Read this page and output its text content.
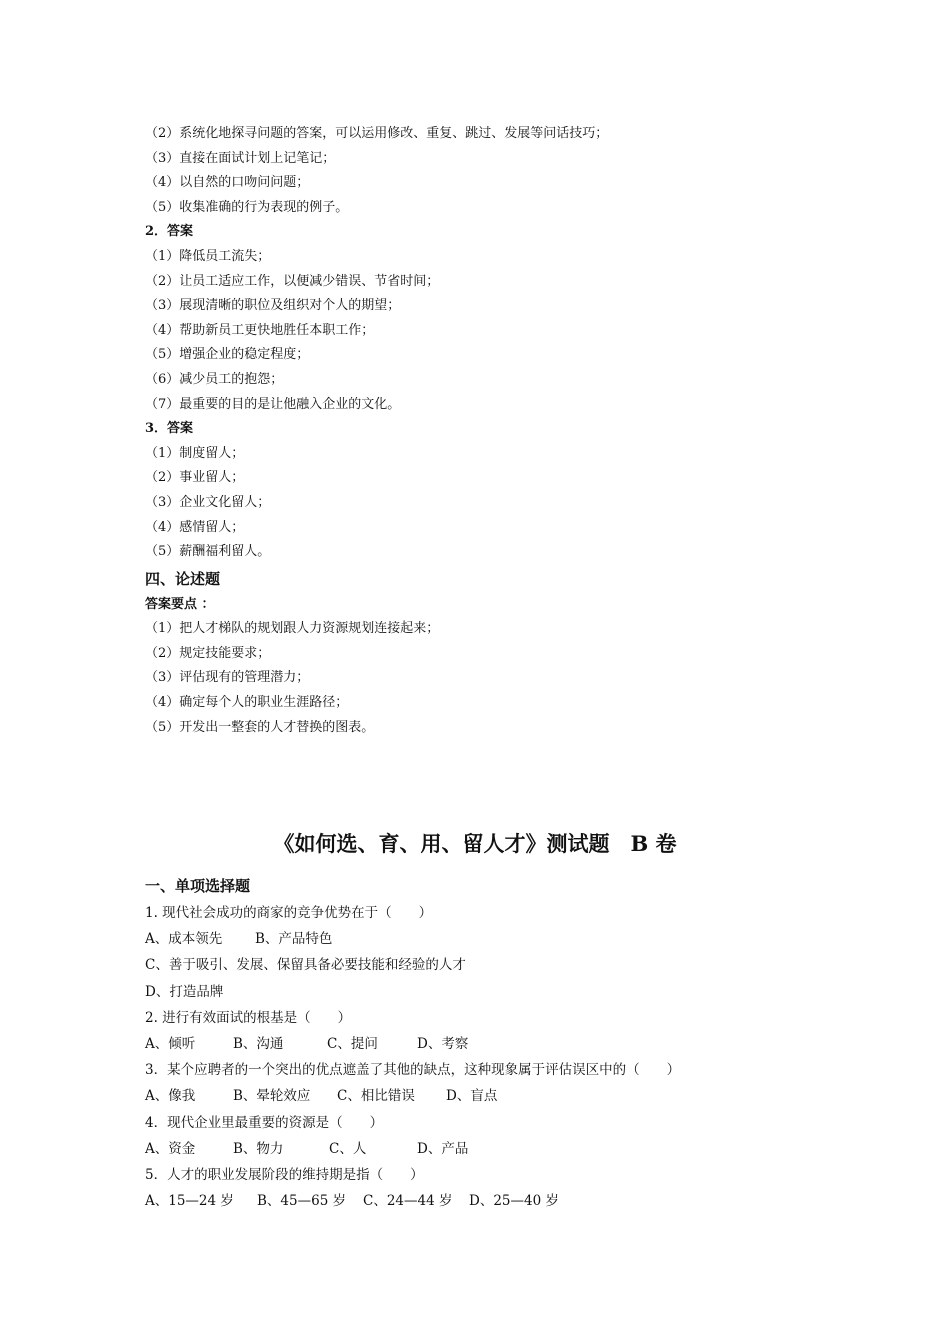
（2）系统化地探寻问题的答案，可以运用修改、重复、跳过、发展等问话技巧；
（3）直接在面试计划上记笔记；
（4）以自然的口吻问问题；
（5）收集准确的行为表现的例子。
2．答案
（1）降低员工流失；
（2）让员工适应工作，以便减少错误、节省时间；
（3）展现清晰的职位及组织对个人的期望；
（4）帮助新员工更快地胜任本职工作；
（5）增强企业的稳定程度；
（6）减少员工的抱怨；
（7）最重要的目的是让他融入企业的文化。
3．答案
（1）制度留人；
（2）事业留人；
（3）企业文化留人；
（4）感情留人；
（5）薪酬福利留人。
四、论述题
答案要点 ：
（1）把人才梯队的规划跟人力资源规划连接起来；
（2）规定技能要求；
（3）评估现有的管理潜力；
（4）确定每个人的职业生涯路径；
（5）开发出一整套的人才替换的图表。
《如何选、育、用、留人才》测试题　B 卷
一、单项选择题
1. 现代社会成功的商家的竞争优势在于（　　）
A、成本领先 B、产品特色
C、善于吸引、发展、保留具备必要技能和经验的人才
D、打造品牌
2. 进行有效面试的根基是（　　）
A、倾听	B、沟通	C、提问	D、考察
3．某个应聘者的一个突出的优点遮盖了其他的缺点，这种现象属于评估误区中的（　　）
A、像我	B、晕轮效应 C、相比错误 D、盲点
4．现代企业里最重要的资源是（　　）
A、资金	B、物力	C、人	D、产品
5．人才的职业发展阶段的维持期是指（　　）
A、15—24 岁 B、45—65 岁 C、24—44 岁 D、25—40 岁
